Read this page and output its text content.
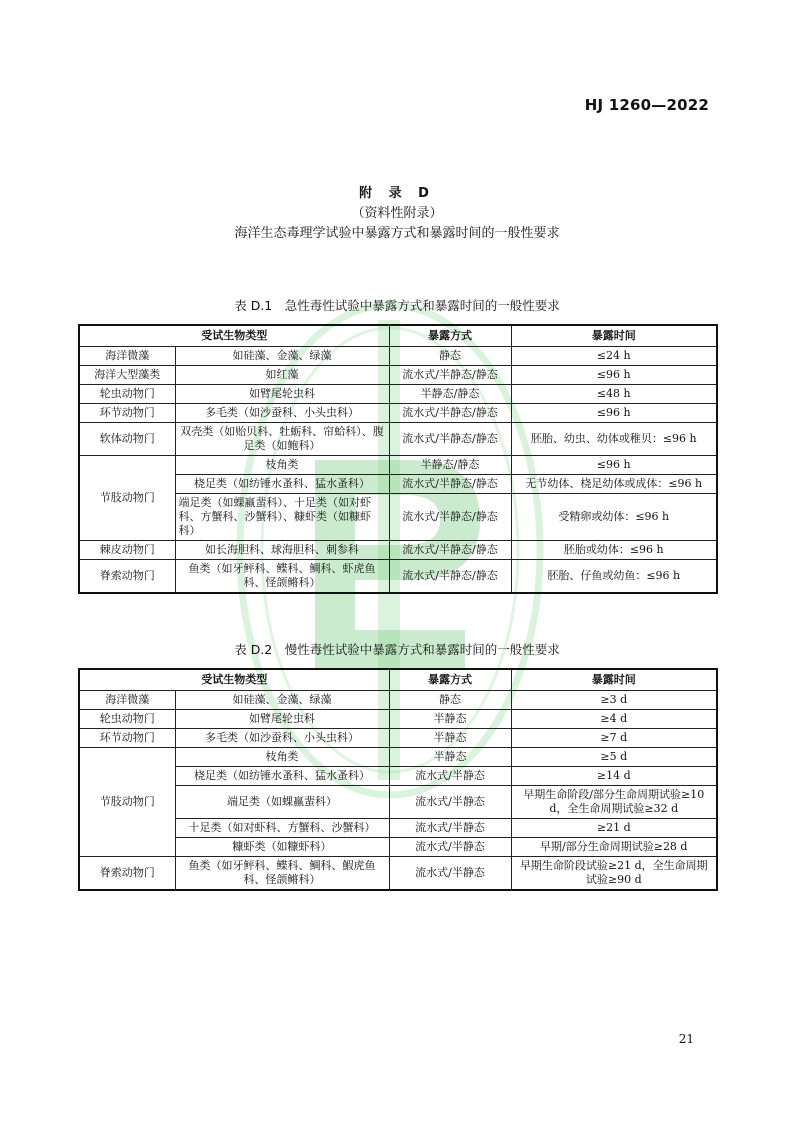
HJ 1260—2022
附 录 D
（资料性附录）
海洋生态毒理学试验中暴露方式和暴露时间的一般性要求
表 D.1　急性毒性试验中暴露方式和暴露时间的一般性要求
受试生物类型		暴露方式	暴露时间
海洋微藻	如硅藻、金藻、绿藻	静态	≤24 h
海洋大型藻类	如红藻	流水式/半静态/静态	≤96 h
轮虫动物门	如臂尾轮虫科	半静态/静态	≤48 h
环节动物门	多毛类（如沙蚕科、小头虫科）	流水式/半静态/静态	≤96 h
软体动物门	双壳类（如贻贝科、牡蛎科、帘蛤科）、腹足类（如鲍科）	流水式/半静态/静态	胚胎、幼虫、幼体或稚贝：≤96 h
节肢动物门	枝角类	半静态/静态	≤96 h
	桡足类（如纺锤水蚤科、猛水蚤科）	流水式/半静态/静态	无节幼体、桡足幼体或成体：≤96 h
	端足类（如蜾蠃蜚科）、十足类（如对虾科、方蟹科、沙蟹科）、糠虾类（如糠虾科）	流水式/半静态/静态	受精卵或幼体：≤96 h
棘皮动物门	如长海胆科、球海胆科、刺参科	流水式/半静态/静态	胚胎或幼体：≤96 h
脊索动物门	鱼类（如牙鲆科、鲽科、鲷科、虾虎鱼科、怪颌鳉科）	流水式/半静态/静态	胚胎、仔鱼或幼鱼：≤96 h
表 D.2　慢性毒性试验中暴露方式和暴露时间的一般性要求
受试生物类型		暴露方式	暴露时间
海洋微藻	如硅藻、金藻、绿藻	静态	≥3 d
轮虫动物门	如臂尾轮虫科	半静态	≥4 d
环节动物门	多毛类（如沙蚕科、小头虫科）	半静态	≥7 d
节肢动物门	枝角类	半静态	≥5 d
	桡足类（如纺锤水蚤科、猛水蚤科）	流水式/半静态	≥14 d
	端足类（如蜾蠃蜚科）	流水式/半静态	早期生命阶段/部分生命周期试验≥10 d，全生命周期试验≥32 d
	十足类（如对虾科、方蟹科、沙蟹科）	流水式/半静态	≥21 d
	糠虾类（如糠虾科）	流水式/半静态	早期/部分生命周期试验≥28 d
脊索动物门	鱼类（如牙鲆科、鲽科、鲷科、鰕虎鱼科、怪颌鳉科）	流水式/半静态	早期生命阶段试验≥21 d，全生命周期试验≥90 d
21
